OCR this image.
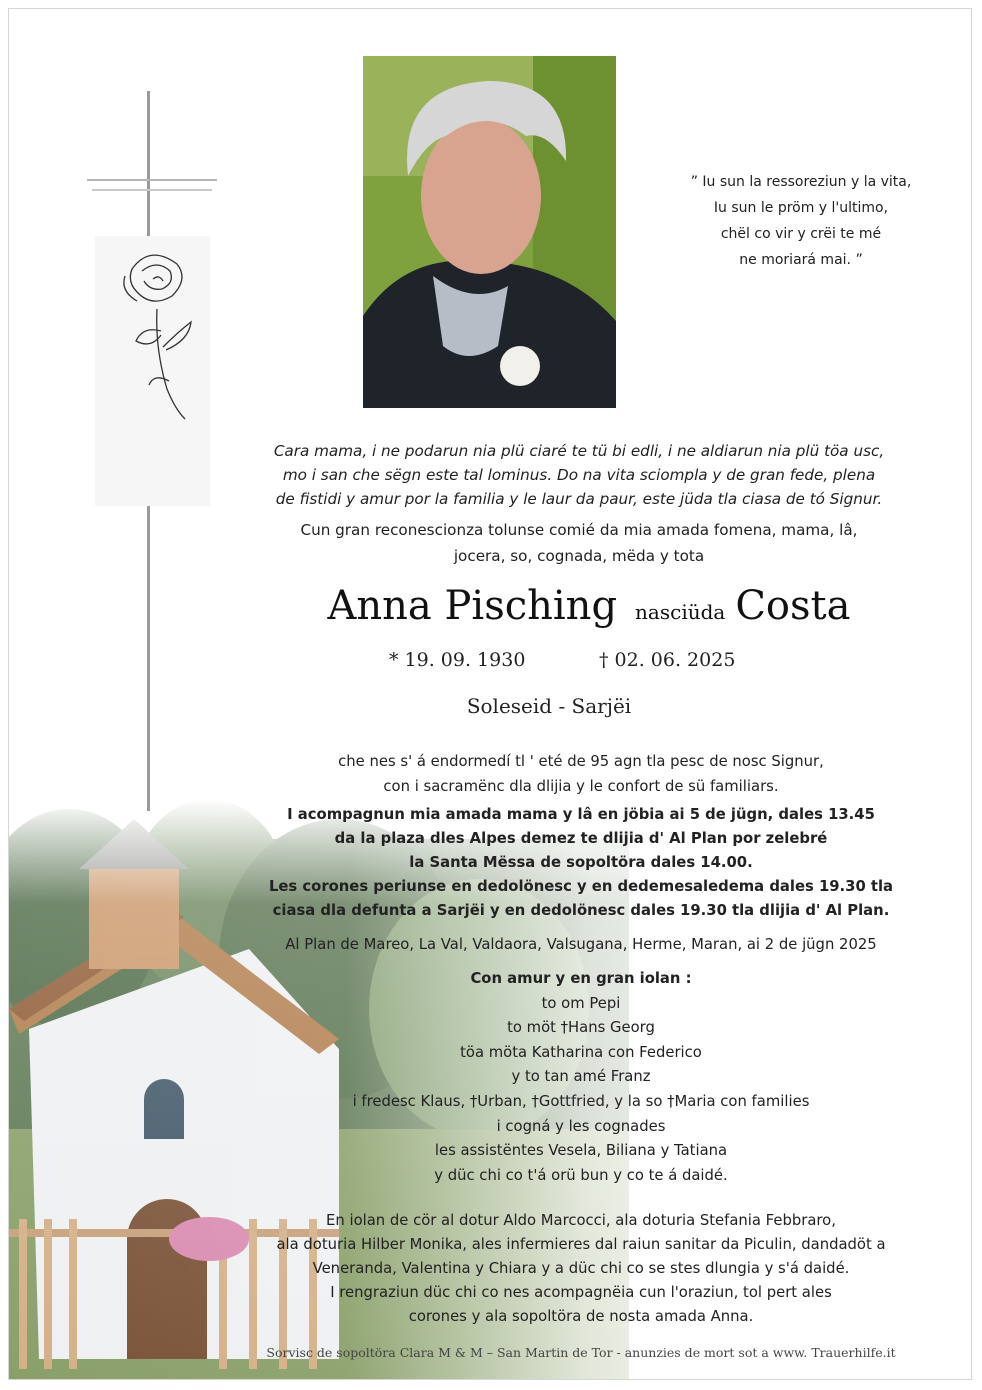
” Iu sun la ressoreziun y la vita,
Iu sun le pröm y l'ultimo,
chël co vir y crëi te mé
ne moriará mai. ”
Cara mama, i ne podarun nia plü ciaré te tü bi edli, i ne aldiarun nia plü töa usc,
mo i san che sëgn este tal lominus. Do na vita sciompla y de gran fede, plena
de fistidi y amur por la familia y le laur da paur, este jüda tla ciasa de tó Signur.
Cun gran reconescionza tolunse comié da mia amada fomena, mama, lâ,
jocera, so, cognada, mëda y tota
Anna Pisching nasciüda Costa
* 19. 09. 1930	† 02. 06. 2025
Soleseid - Sarjëi
che nes s' á endormedí tl ' eté de 95 agn tla pesc de nosc Signur,
con i sacramënc dla dlijia y le confort de sü familiars.
I acompagnun mia amada mama y lâ en jöbia ai 5 de jügn, dales 13.45
da la plaza dles Alpes demez te dlijia d' Al Plan por zelebré
la Santa Mëssa de sopoltöra dales 14.00.
Les corones periunse en dedolönesc y en dedemesaledema dales 19.30 tla
ciasa dla defunta a Sarjëi y en dedolönesc dales 19.30 tla dlijia d' Al Plan.
Al Plan de Mareo, La Val, Valdaora, Valsugana, Herme, Maran, ai 2 de jügn 2025
Con amur y en gran iolan :
to om Pepi
to möt †Hans Georg
töa möta Katharina con Federico
y to tan amé Franz
i fredesc Klaus, †Urban, †Gottfried, y la so †Maria con families
i cogná y les cognades
les assistëntes Vesela, Biliana y Tatiana
y düc chi co t'á orü bun y co te á daidé.
En iolan de cör al dotur Aldo Marcocci, ala doturia Stefania Febbraro,
ala doturia Hilber Monika, ales infermieres dal raiun sanitar da Piculin, dandadöt a
Veneranda, Valentina y Chiara y a düc chi co se stes dlungia y s'á daidé.
I rengraziun düc chi co nes acompagnëia cun l'oraziun, tol pert ales
corones y ala sopoltöra de nosta amada Anna.
Sorvisc de sopoltöra Clara M & M – San Martin de Tor - anunzies de mort sot a www. Trauerhilfe.it
